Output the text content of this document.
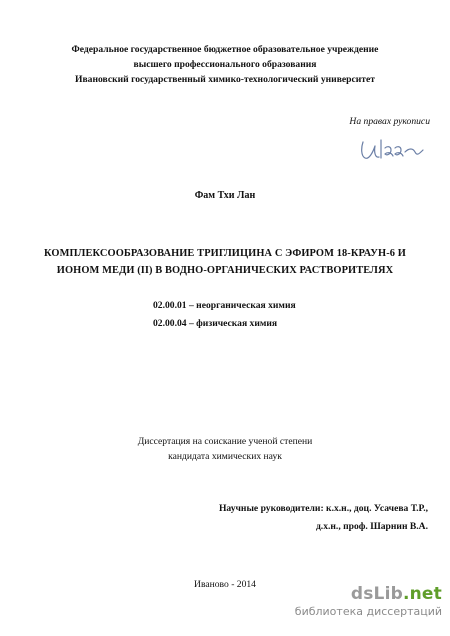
Федеральное государственное бюджетное образовательное учреждение
высшего профессионального образования
Ивановский государственный химико-технологический университет
На правах рукописи
Фам Тхи Лан
КОМПЛЕКСООБРАЗОВАНИЕ ТРИГЛИЦИНА С ЭФИРОМ 18-КРАУН-6 И
ИОНОМ МЕДИ (II) В ВОДНО-ОРГАНИЧЕСКИХ РАСТВОРИТЕЛЯХ
02.00.01 – неорганическая химия
02.00.04 – физическая химия
Диссертация на соискание ученой степени
кандидата химических наук
Научные руководители: к.х.н., доц. Усачева Т.Р.,
д.х.н., проф. Шарнин В.А.
Иваново - 2014	dsLib.net
библиотека диссертаций
